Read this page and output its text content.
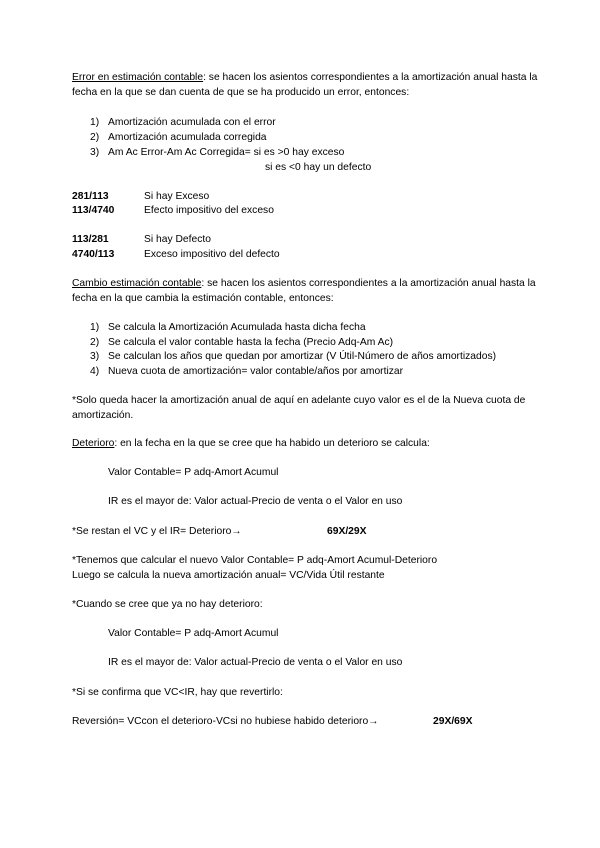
Error en estimación contable: se hacen los asientos correspondientes a la amortización anual hasta la fecha en la que se dan cuenta de que se ha producido un error, entonces:

1) Amortización acumulada con el error
2) Amortización acumulada corregida
3) Am Ac Error-Am Ac Corregida= si es >0 hay exceso
si es <0 hay un defecto
281/113	Si hay Exceso
113/4740	Efecto impositivo del exceso
113/281	Si hay Defecto
4740/113	Exceso impositivo del defecto

Cambio estimación contable: se hacen los asientos correspondientes a la amortización anual hasta la fecha en la que cambia la estimación contable, entonces:

1) Se calcula la Amortización Acumulada hasta dicha fecha
2) Se calcula el valor contable hasta la fecha (Precio Adq-Am Ac)
3) Se calculan los años que quedan por amortizar (V Útil-Número de años amortizados)
4) Nueva cuota de amortización= valor contable/años por amortizar

*Solo queda hacer la amortización anual de aquí en adelante cuyo valor es el de la Nueva cuota de amortización.

Deterioro: en la fecha en la que se cree que ha habido un deterioro se calcula:

Valor Contable= P adq-Amort Acumul
IR es el mayor de: Valor actual-Precio de venta o el Valor en uso
*Se restan el VC y el IR= Deterioro→	69X/29X
*Tenemos que calcular el nuevo Valor Contable= P adq-Amort Acumul-Deterioro
Luego se calcula la nueva amortización anual= VC/Vida Útil restante
*Cuando se cree que ya no hay deterioro:
Valor Contable= P adq-Amort Acumul
IR es el mayor de: Valor actual-Precio de venta o el Valor en uso
*Si se confirma que VC<IR, hay que revertirlo:
Reversión= VCcon el deterioro-VCsi no hubiese habido deterioro→	29X/69X
